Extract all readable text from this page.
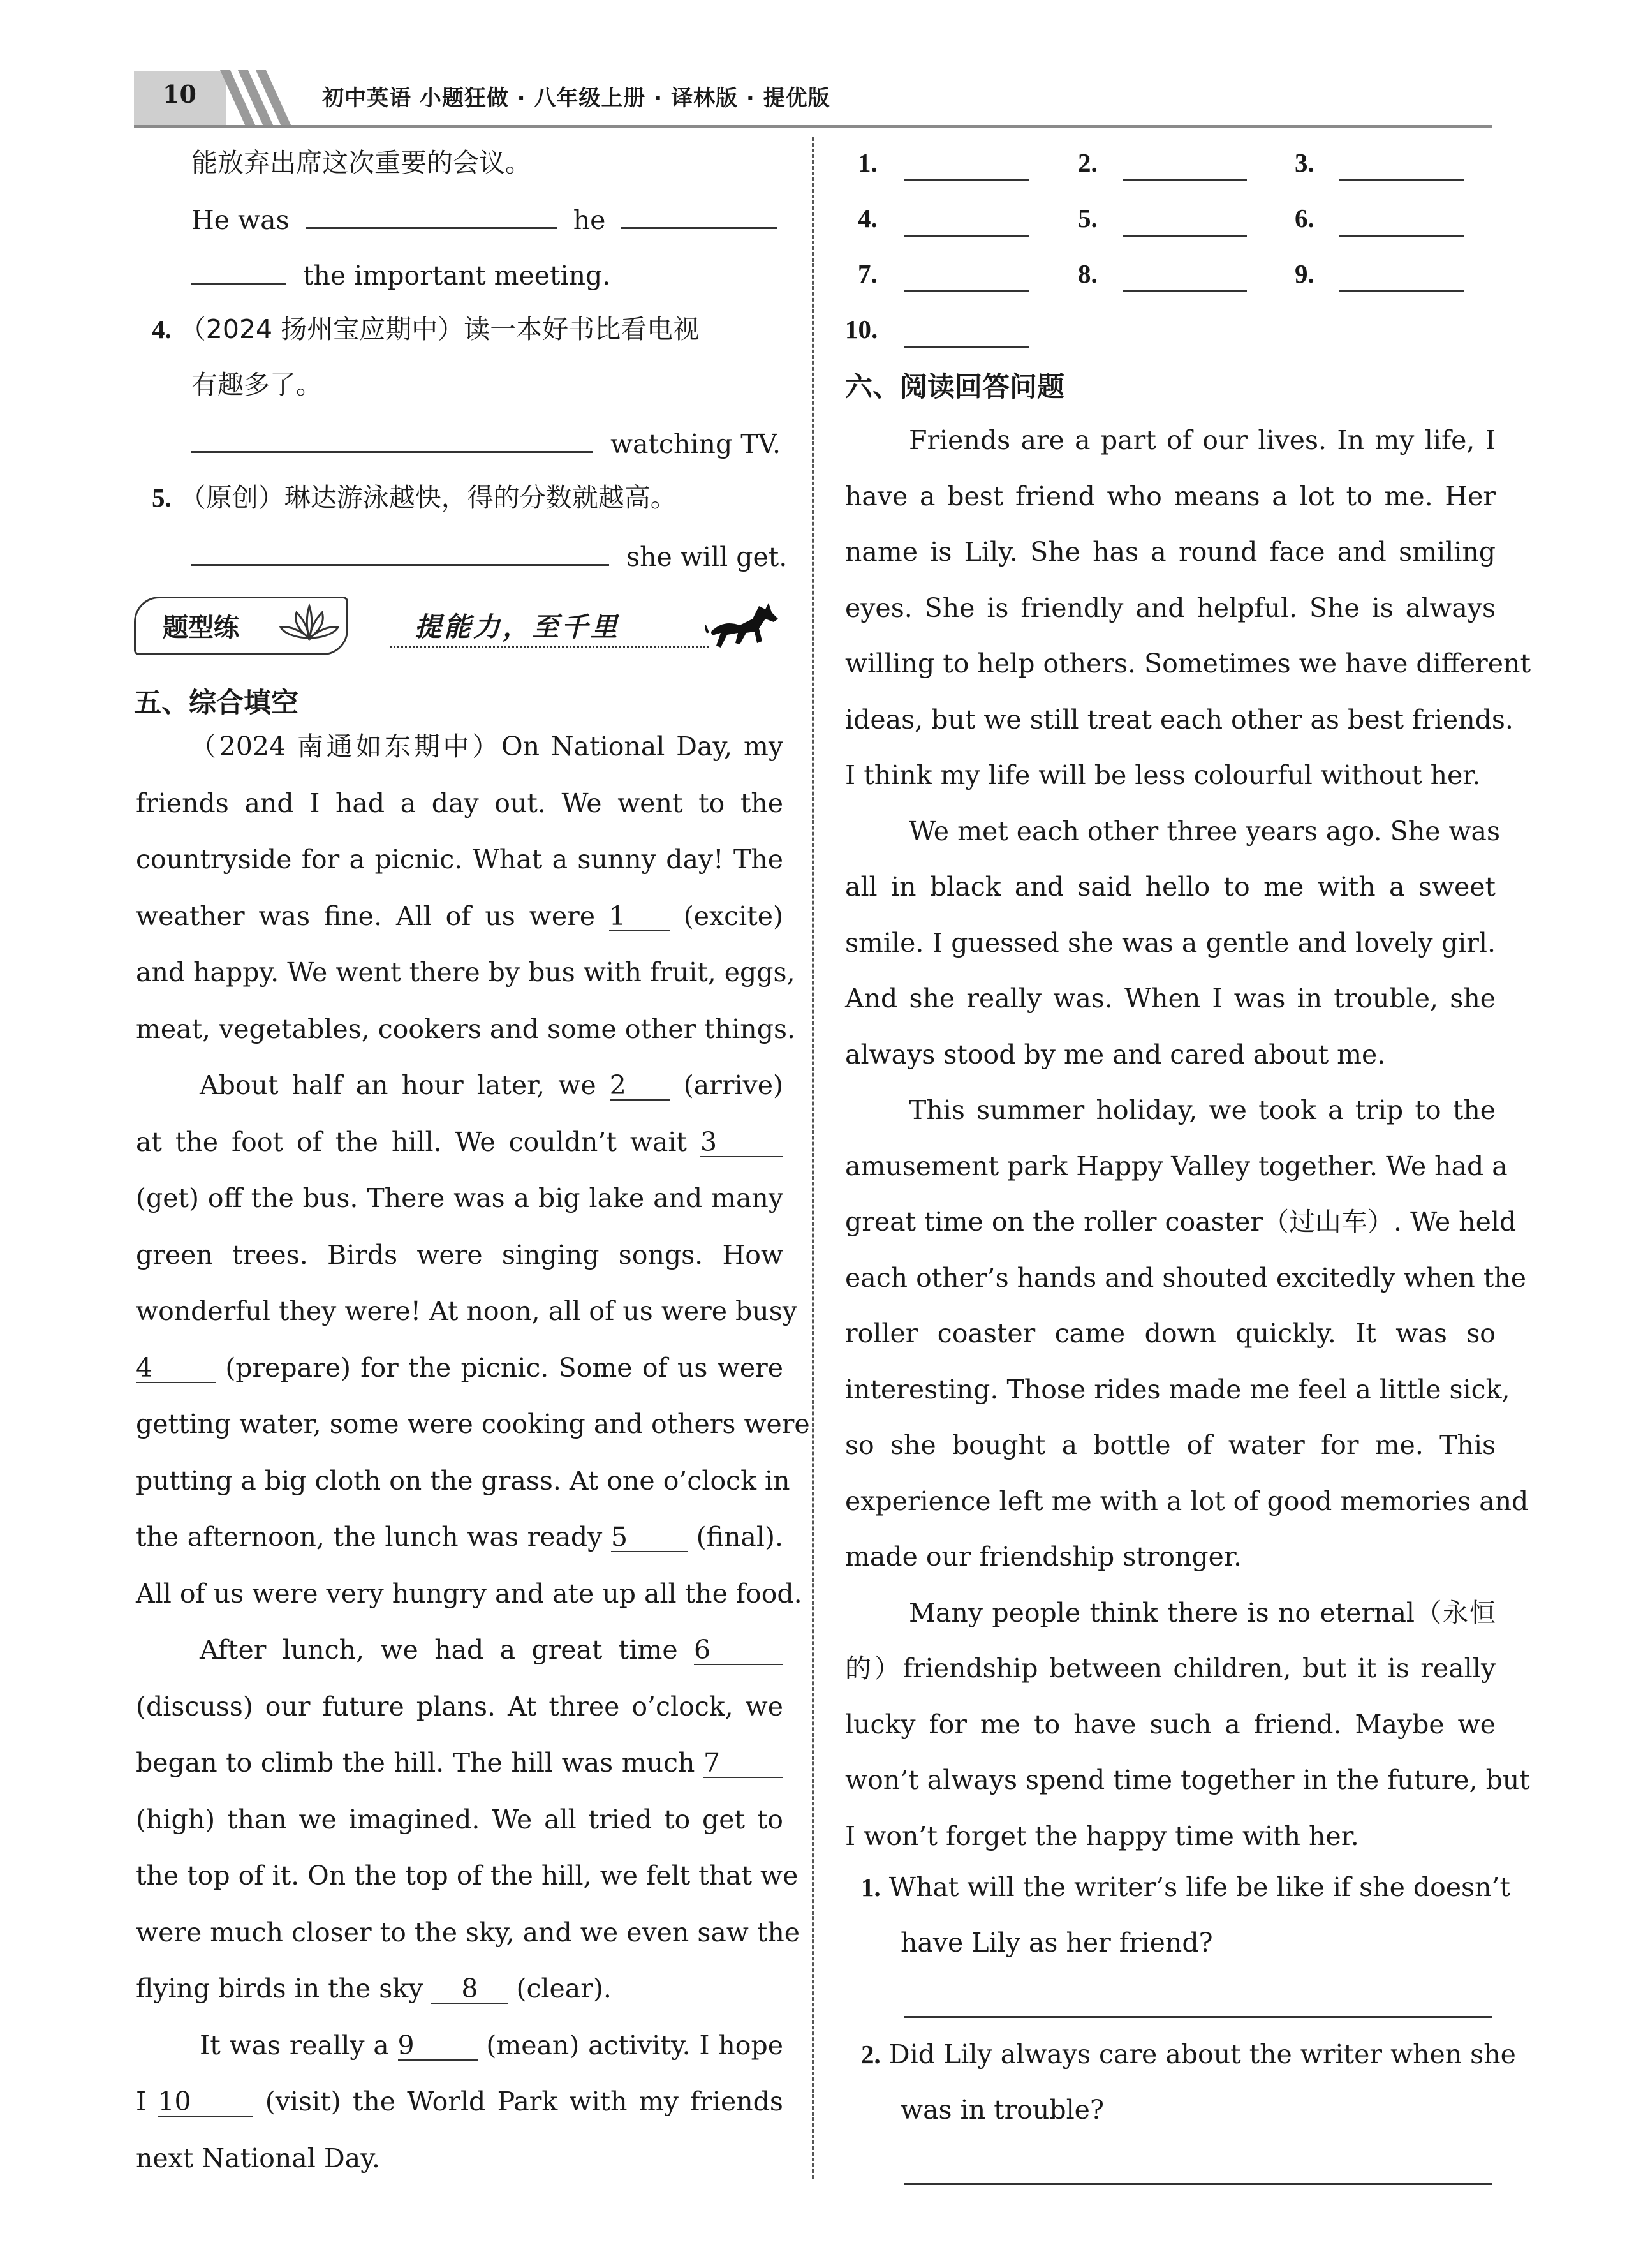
10	初中英语 小题狂做 · 八年级上册 · 译林版 · 提优版
能放弃出席这次重要的会议。
He was	he
the important meeting.
4. （2024 扬州宝应期中）读一本好书比看电视
有趣多了。
watching TV.
5. （原创）琳达游泳越快，得的分数就越高。
she will get.
题型练	提能力，至千里
五、综合填空
（2024 南通如东期中）On National Day, my
friends and I had a day out. We went to the
countryside for a picnic. What a sunny day! The
weather was fine. All of us were 1 (excite)
and happy. We went there by bus with fruit, eggs,
meat, vegetables, cookers and some other things.
About half an hour later, we 2 (arrive)
at the foot of the hill. We couldn’t wait 3
(get) off the bus. There was a big lake and many
green trees. Birds were singing songs. How
wonderful they were! At noon, all of us were busy
4	(prepare) for the picnic. Some of us were
getting water, some were cooking and others were
putting a big cloth on the grass. At one o’clock in
the afternoon, the lunch was ready 5	(final).
All of us were very hungry and ate up all the food.
After lunch, we had a great time 6
(discuss) our future plans. At three o’clock, we
began to climb the hill. The hill was much 7
(high) than we imagined. We all tried to get to
the top of it. On the top of the hill, we felt that we
were much closer to the sky, and we even saw the
flying birds in the sky 8 (clear).
It was really a 9	(mean) activity. I hope
I 10	(visit) the World Park with my friends
next National Day.
1.	2.	3.
4.	5.	6.
7.	8.	9.
10.
六、阅读回答问题
Friends are a part of our lives. In my life, I
have a best friend who means a lot to me. Her
name is Lily. She has a round face and smiling
eyes. She is friendly and helpful. She is always
willing to help others. Sometimes we have different
ideas, but we still treat each other as best friends.
I think my life will be less colourful without her.
We met each other three years ago. She was
all in black and said hello to me with a sweet
smile. I guessed she was a gentle and lovely girl.
And she really was. When I was in trouble, she
always stood by me and cared about me.
This summer holiday, we took a trip to the
amusement park Happy Valley together. We had a
great time on the roller coaster（过山车）. We held
each other’s hands and shouted excitedly when the
roller coaster came down quickly. It was so
interesting. Those rides made me feel a little sick,
so she bought a bottle of water for me. This
experience left me with a lot of good memories and
made our friendship stronger.
Many people think there is no eternal（永恒
的）friendship between children, but it is really
lucky for me to have such a friend. Maybe we
won’t always spend time together in the future, but
I won’t forget the happy time with her.
1. What will the writer’s life be like if she doesn’t
have Lily as her friend?
2. Did Lily always care about the writer when she
was in trouble?
